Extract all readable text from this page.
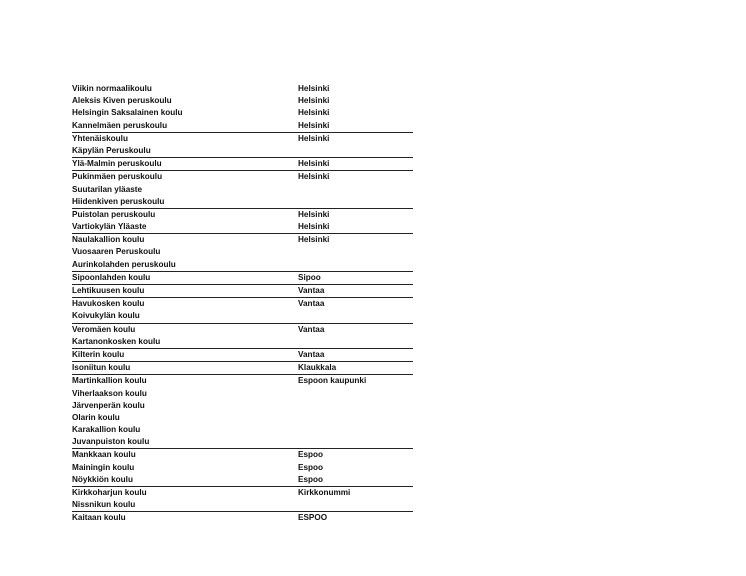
Viikin normaalikoulu	Helsinki
Aleksis Kiven peruskoulu	Helsinki
Helsingin Saksalainen koulu	Helsinki
Kannelmäen peruskoulu	Helsinki
Yhtenäiskoulu	Helsinki
Käpylän Peruskoulu
Ylä-Malmin peruskoulu	Helsinki
Pukinmäen peruskoulu	Helsinki
Suutarilan yläaste
Hiidenkiven peruskoulu
Puistolan peruskoulu	Helsinki
Vartiokylän Yläaste	Helsinki
Naulakallion koulu	Helsinki
Vuosaaren Peruskoulu
Aurinkolahden peruskoulu
Sipoonlahden koulu	Sipoo
Lehtikuusen koulu	Vantaa
Havukosken koulu	Vantaa
Koivukylän koulu
Veromäen koulu	Vantaa
Kartanonkosken koulu
Kilterin koulu	Vantaa
Isoniitun koulu	Klaukkala
Martinkallion koulu	Espoon kaupunki
Viherlaakson koulu
Järvenperän koulu
Olarin koulu
Karakallion koulu
Juvanpuiston koulu
Mankkaan koulu	Espoo
Mainingin koulu	Espoo
Nöykkiön koulu	Espoo
Kirkkoharjun koulu	Kirkkonummi
Nissnikun koulu
Kaitaan koulu	ESPOO
